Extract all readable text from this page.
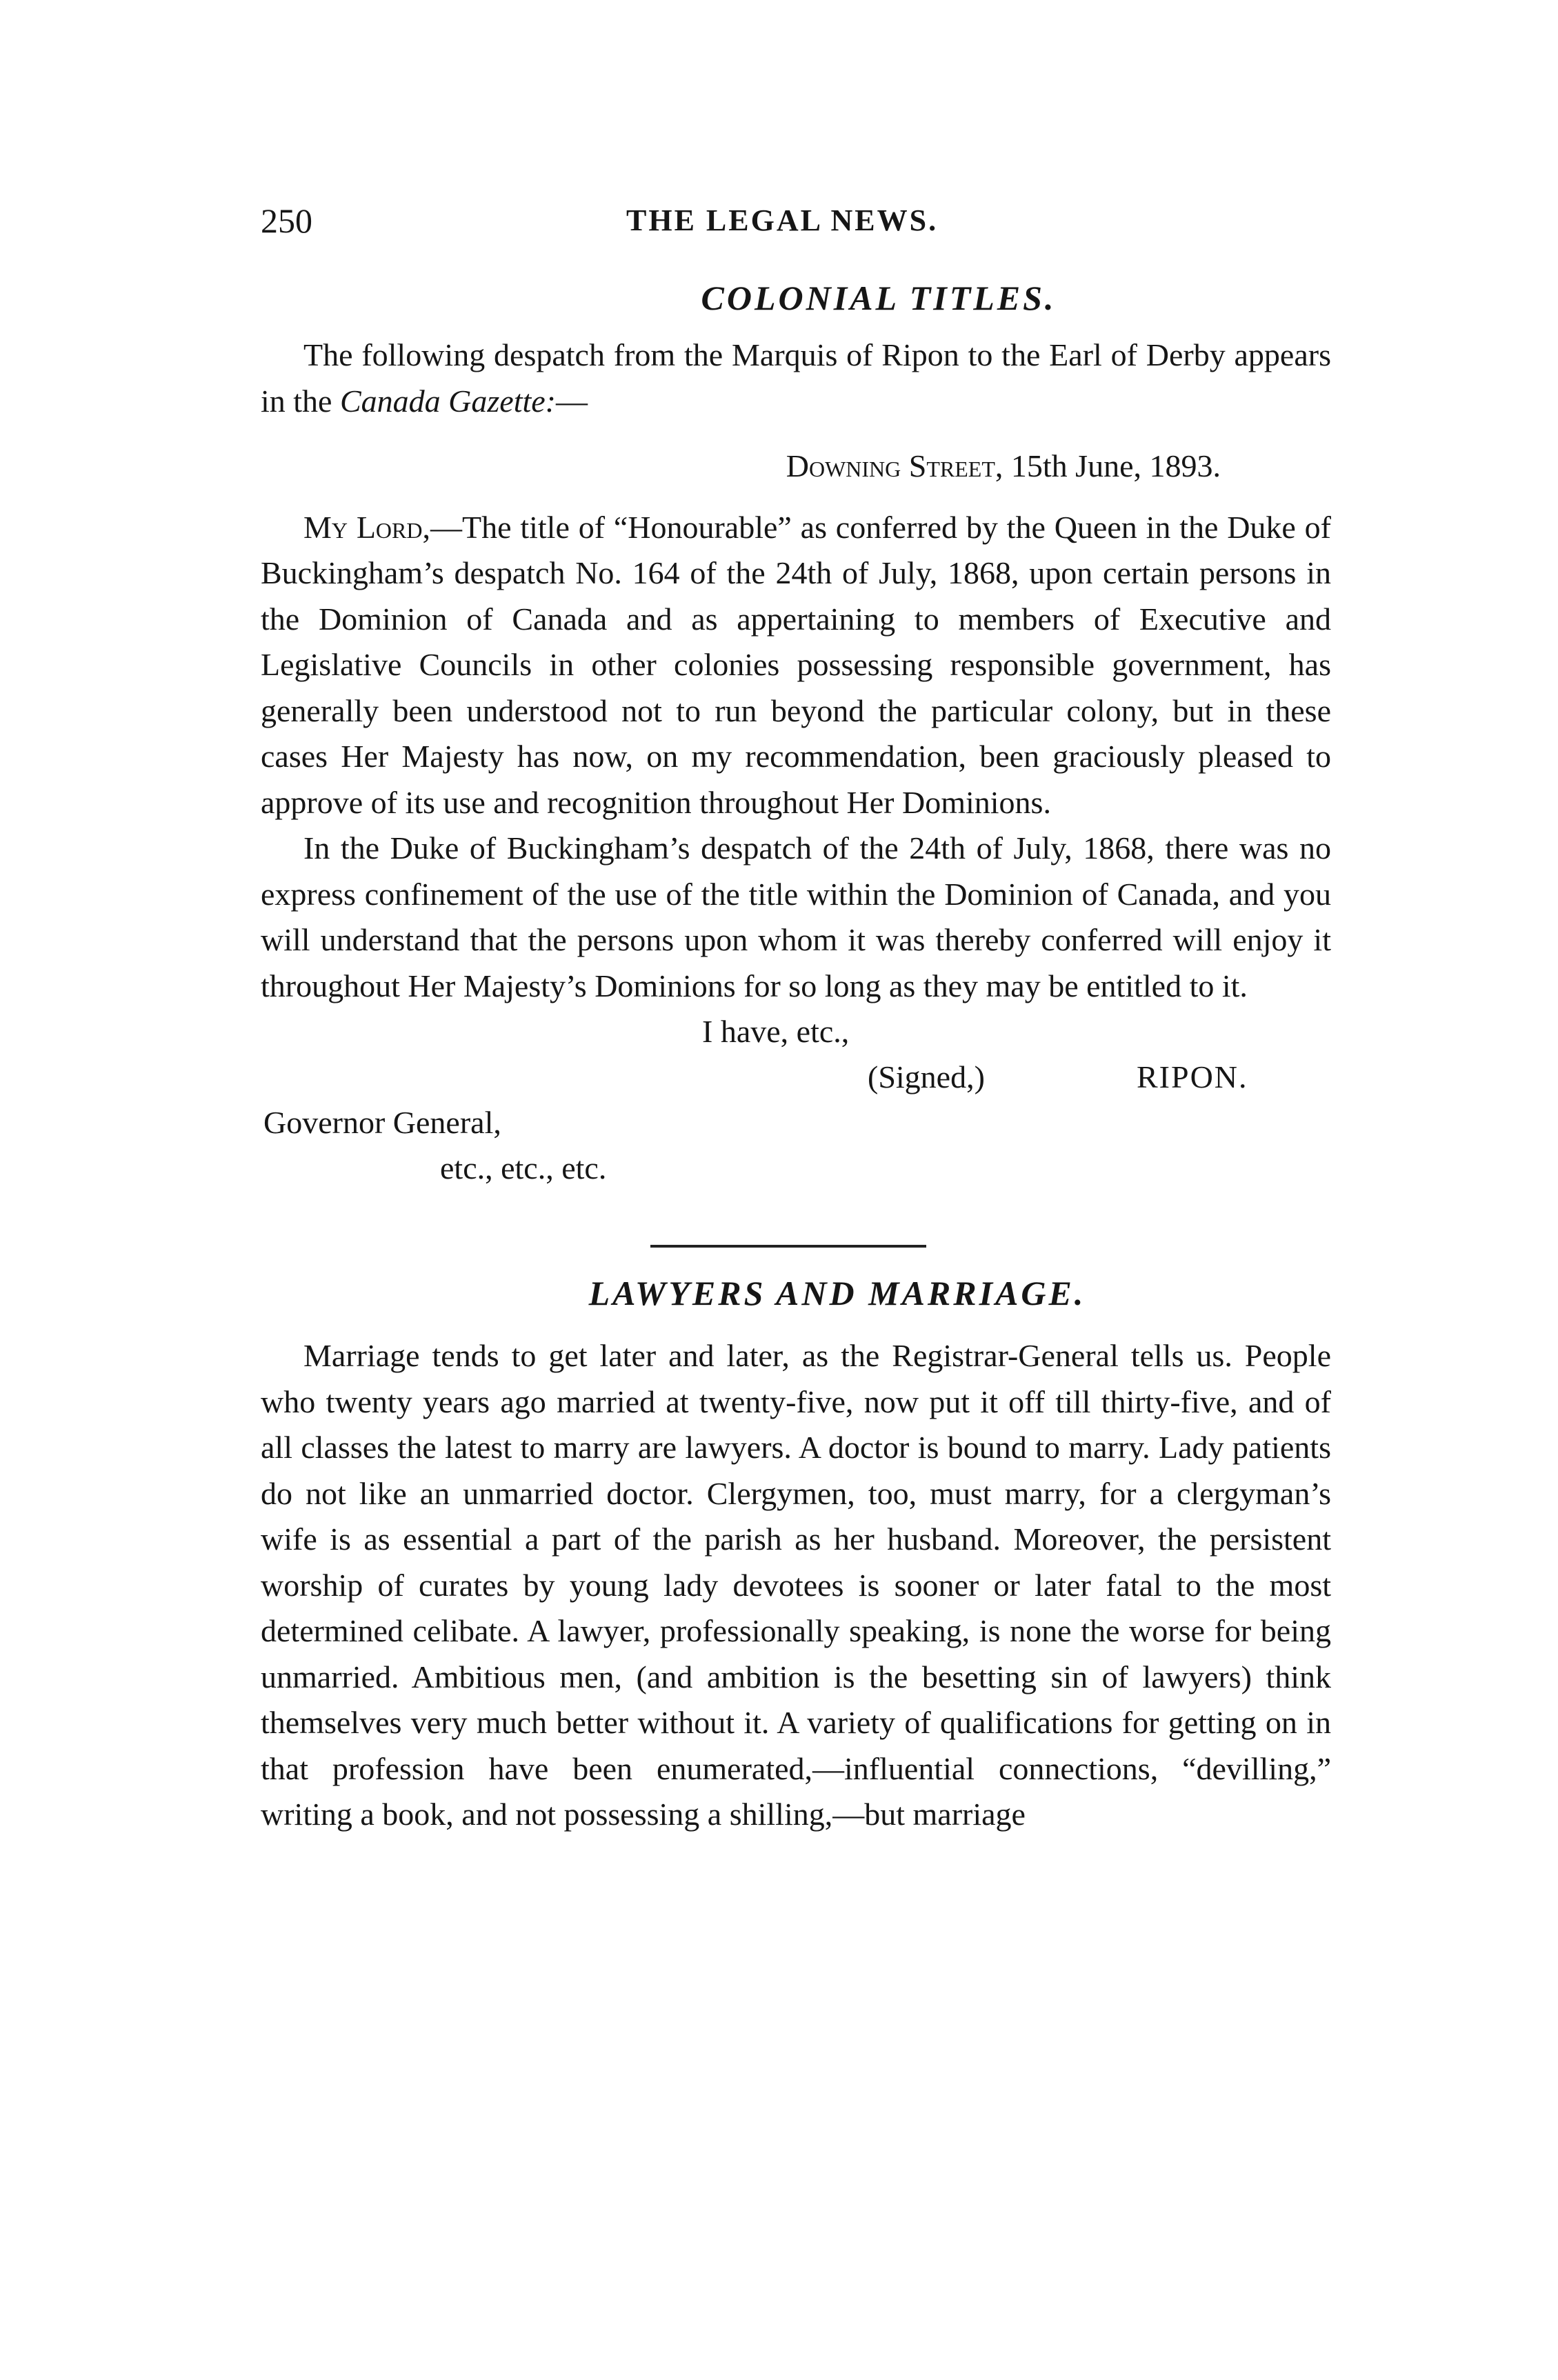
250	THE LEGAL NEWS.
COLONIAL TITLES.

The following despatch from the Marquis of Ripon to the Earl of Derby appears in the Canada Gazette:—

Downing Street, 15th June, 1893.

My Lord,—The title of “Honourable” as conferred by the Queen in the Duke of Buckingham’s despatch No. 164 of the 24th of July, 1868, upon certain persons in the Dominion of Canada and as appertaining to members of Executive and Legislative Councils in other colonies possessing responsible government, has generally been understood not to run beyond the particular colony, but in these cases Her Majesty has now, on my recommendation, been graciously pleased to approve of its use and recognition throughout Her Dominions.

In the Duke of Buckingham’s despatch of the 24th of July, 1868, there was no express confinement of the use of the title within the Dominion of Canada, and you will understand that the persons upon whom it was thereby conferred will enjoy it throughout Her Majesty’s Dominions for so long as they may be entitled to it.

I have, etc.,
(Signed,)	RIPON.
Governor General,
etc., etc., etc.
LAWYERS AND MARRIAGE.

Marriage tends to get later and later, as the Registrar-General tells us. People who twenty years ago married at twenty-five, now put it off till thirty-five, and of all classes the latest to marry are lawyers. A doctor is bound to marry. Lady patients do not like an unmarried doctor. Clergymen, too, must marry, for a clergyman’s wife is as essential a part of the parish as her husband. Moreover, the persistent worship of curates by young lady devotees is sooner or later fatal to the most determined celibate. A lawyer, professionally speaking, is none the worse for being unmarried. Ambitious men, (and ambition is the besetting sin of lawyers) think themselves very much better without it. A variety of qualifications for getting on in that profession have been enumerated,—influential connections, “devilling,” writing a book, and not possessing a shilling,—but marriage
